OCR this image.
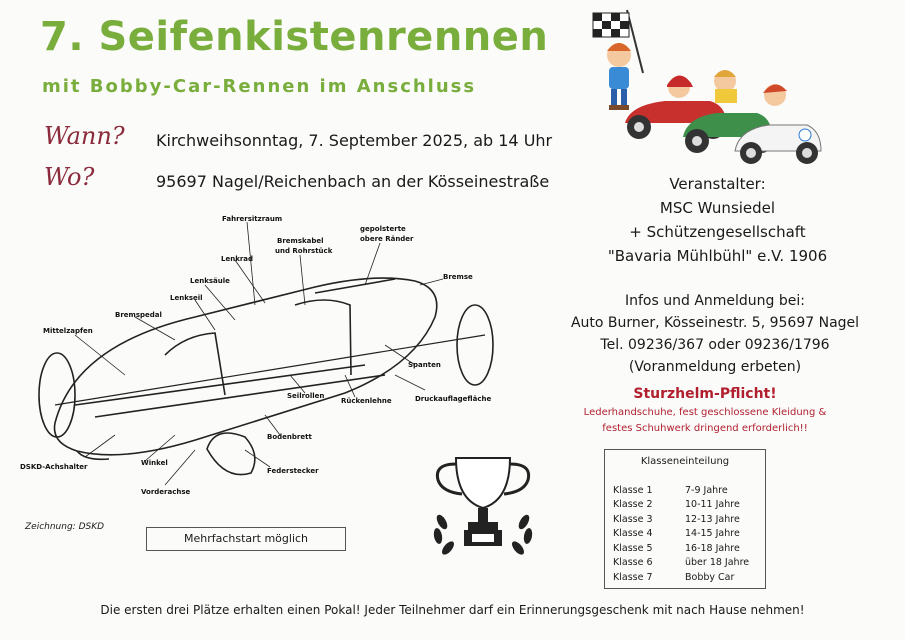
7. Seifenkistenrennen
mit Bobby-Car-Rennen im Anschluss
Wann? Kirchweihsonntag, 7. September 2025, ab 14 Uhr
Wo?	95697 Nagel/Reichenbach an der Kösseinestraße	Veranstalter:
MSC Wunsiedel
+ Schützengesellschaft
"Bavaria Mühlbühl" e.V. 1906
Infos und Anmeldung bei:
Auto Burner, Kösseinestr. 5, 95697 Nagel
Tel. 09236/367 oder 09236/1796
(Voranmeldung erbeten)
Sturzhelm-Pflicht!
Lederhandschuhe, fest geschlossene Kleidung &
festes Schuhwerk dringend erforderlich!!
Klasseneinteilung
Klasse 1	7-9 Jahre
Klasse 2	10-11 Jahre
Klasse 3	12-13 Jahre
Klasse 4	14-15 Jahre
Klasse 5	16-18 Jahre
Klasse 6	über 18 Jahre
Klasse 7	Bobby Car
Fahrersitzraum
Bremskabel
und Rohrstück
gepolsterte
obere Ränder
Lenkrad
Bremse
Lenksäule
Lenkseil
Bremspedal
Mittelzapfen
Spanten
Druckauflagefläche
Rückenlehne
Seilrollen
Bodenbrett
DSKD-Achshalter	Winkel
Federstecker
Vorderachse
Zeichnung: DSKD
Mehrfachstart möglich
Die ersten drei Plätze erhalten einen Pokal! Jeder Teilnehmer darf ein Erinnerungsgeschenk mit nach Hause nehmen!
